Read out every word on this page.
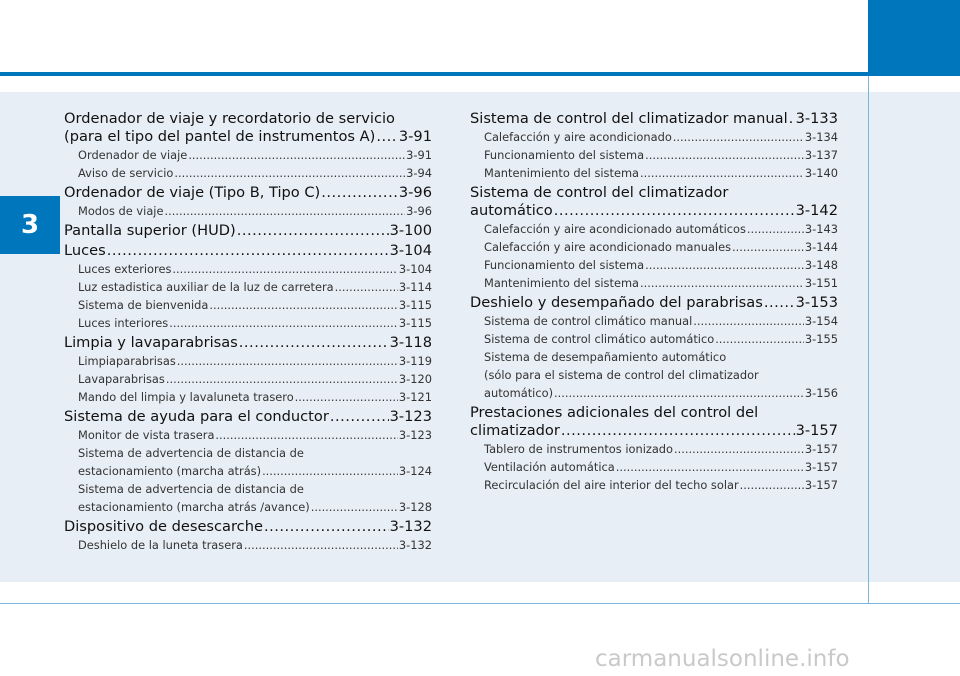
3
Ordenador de viaje y recordatorio de servicio
(para el tipo del pantel de instrumentos A) ..... 3-91
Ordenador de viaje .....	3-91
Aviso de servicio .....	3-94
Ordenador de viaje (Tipo B, Tipo C) .....	3-96
Modos de viaje .....	3-96
Pantalla superior (HUD) .....	3-100
Luces .....	3-104
Luces exteriores .....	3-104
Luz estadistica auxiliar de la luz de carretera .....	3-114
Sistema de bienvenida .....	3-115
Luces interiores .....	3-115
Limpia y lavaparabrisas .....	3-118
Limpiaparabrisas .....	3-119
Lavaparabrisas .....	3-120
Mando del limpia y lavaluneta trasero .....	3-121
Sistema de ayuda para el conductor .....	3-123
Monitor de vista trasera .....	3-123
Sistema de advertencia de distancia de
estacionamiento (marcha atrás) .....	3-124
Sistema de advertencia de distancia de
estacionamiento (marcha atrás /avance) .....	3-128
Dispositivo de desescarche .....	3-132
Deshielo de la luneta trasera .....	3-132
Sistema de control del climatizador manual ..... 3-133
Calefacción y aire acondicionado .....	3-134
Funcionamiento del sistema .....	3-137
Mantenimiento del sistema .....	3-140
Sistema de control del climatizador
automático .....	3-142
Calefacción y aire acondicionado automáticos .....	3-143
Calefacción y aire acondicionado manuales .....	3-144
Funcionamiento del sistema .....	3-148
Mantenimiento del sistema .....	3-151
Deshielo y desempañado del parabrisas ..... 3-153
Sistema de control climático manual .....	3-154
Sistema de control climático automático .....	3-155
Sistema de desempañamiento automático
(sólo para el sistema de control del climatizador
automático) .....	3-156
Prestaciones adicionales del control del
climatizador .....	3-157
Tablero de instrumentos ionizado .....	3-157
Ventilación automática .....	3-157
Recirculación del aire interior del techo solar .....	3-157
carmanualsonline.info
